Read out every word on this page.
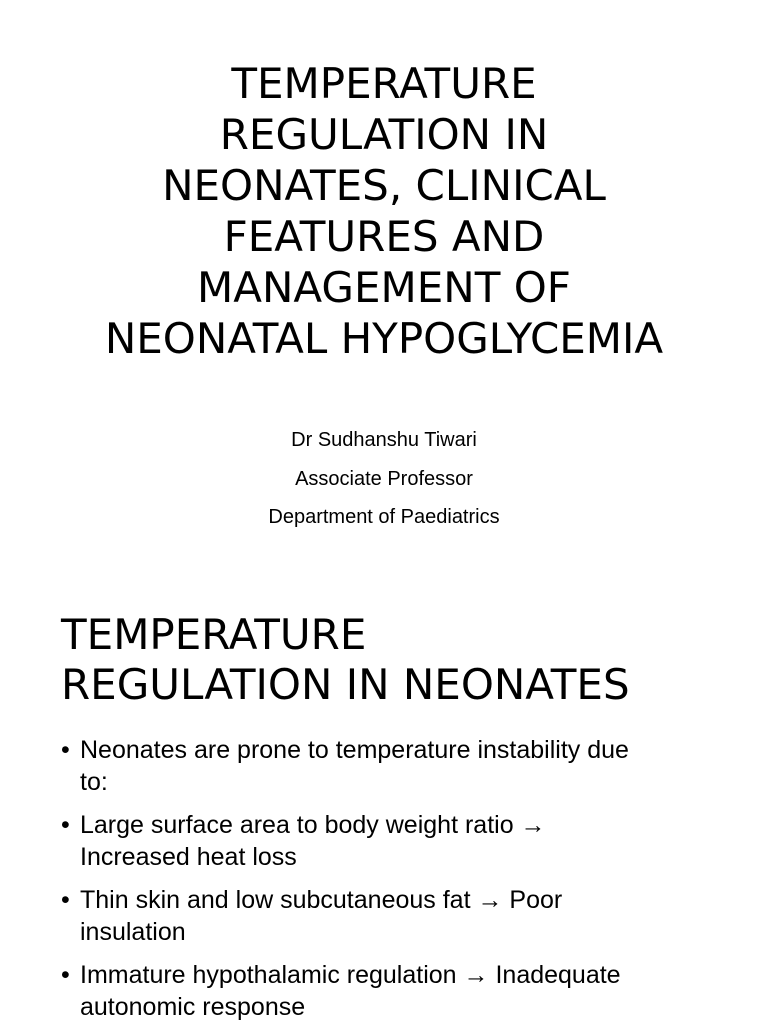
TEMPERATURE
REGULATION IN
NEONATES, CLINICAL
FEATURES AND
MANAGEMENT OF
NEONATAL HYPOGLYCEMIA
Dr Sudhanshu Tiwari
Associate Professor
Department of Paediatrics
TEMPERATURE
REGULATION IN NEONATES
• Neonates are prone to temperature instability due
to:
• Large surface area to body weight ratio →
Increased heat loss
• Thin skin and low subcutaneous fat → Poor
insulation
• Immature hypothalamic regulation → Inadequate
autonomic response
